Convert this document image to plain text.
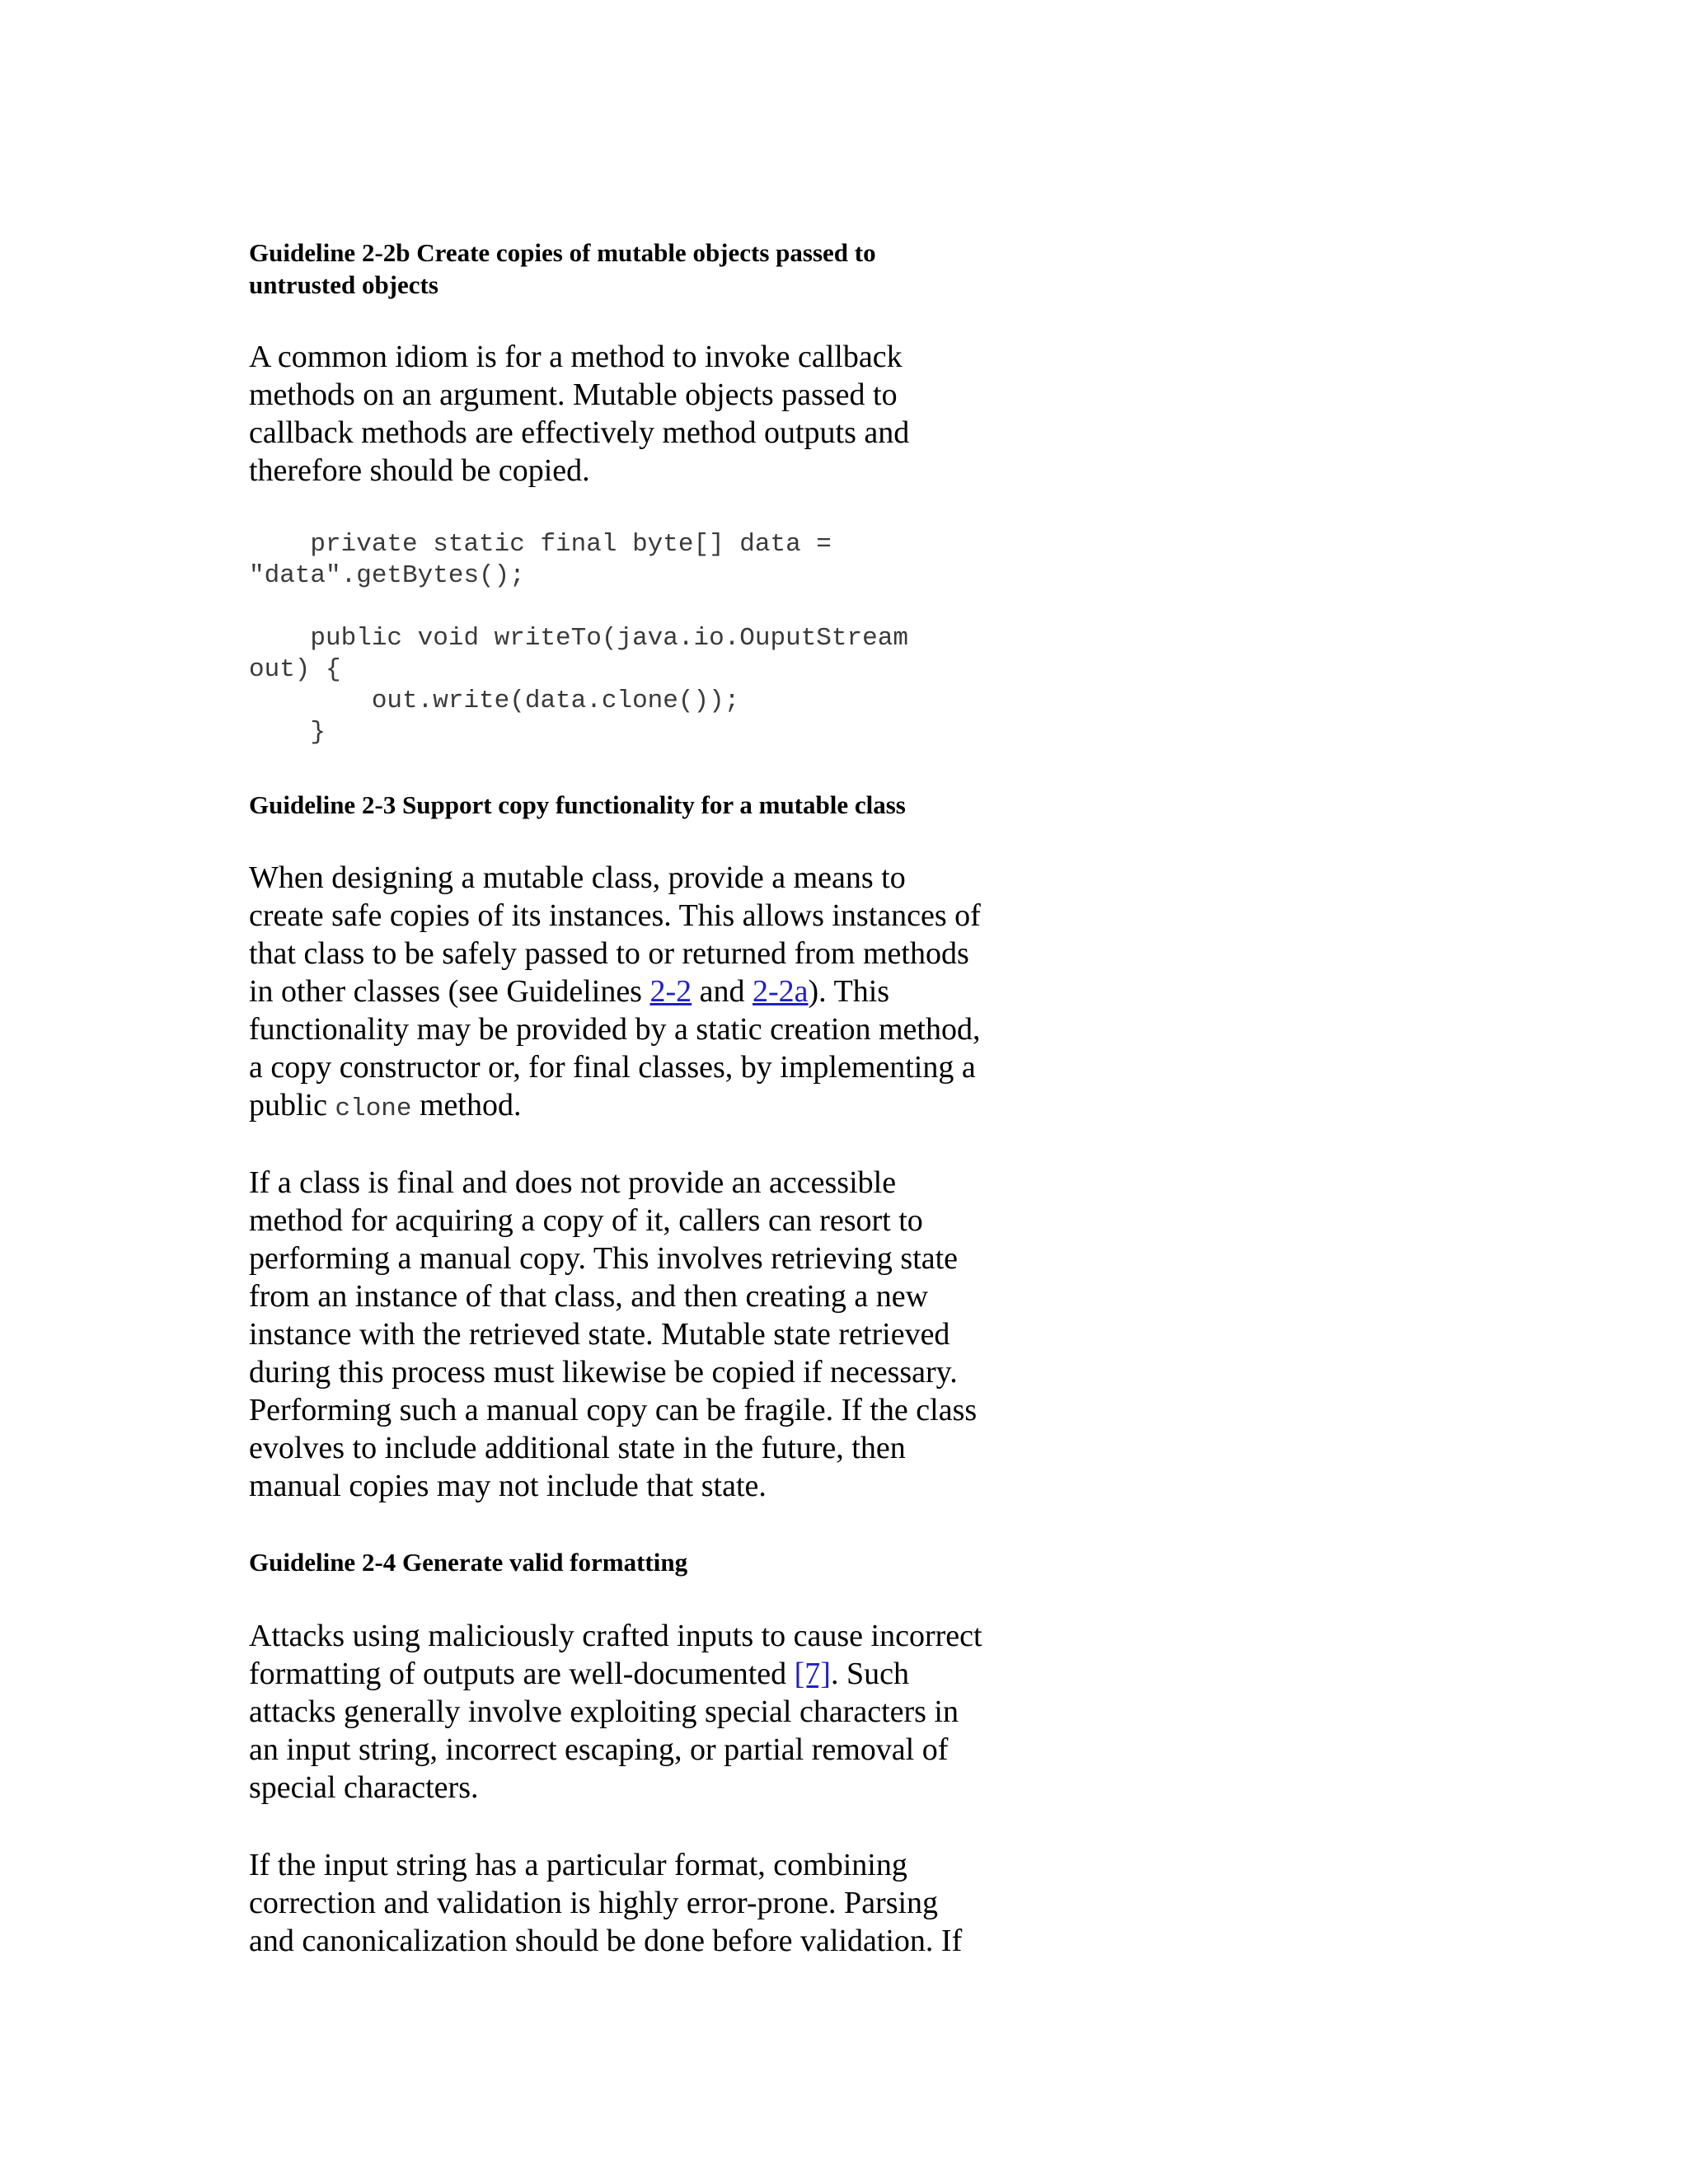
Guideline 2-2b Create copies of mutable objects passed to
untrusted objects

A common idiom is for a method to invoke callback
methods on an argument. Mutable objects passed to
callback methods are effectively method outputs and
therefore should be copied.

private static final byte[] data =
"data".getBytes();
public void writeTo(java.io.OuputStream
out) {
out.write(data.clone());
}
Guideline 2-3 Support copy functionality for a mutable class

When designing a mutable class, provide a means to
create safe copies of its instances. This allows instances of
that class to be safely passed to or returned from methods
in other classes (see Guidelines 2-2 and 2-2a). This
functionality may be provided by a static creation method,
a copy constructor or, for final classes, by implementing a
public clone method.

If a class is final and does not provide an accessible
method for acquiring a copy of it, callers can resort to
performing a manual copy. This involves retrieving state
from an instance of that class, and then creating a new
instance with the retrieved state. Mutable state retrieved
during this process must likewise be copied if necessary.
Performing such a manual copy can be fragile. If the class
evolves to include additional state in the future, then
manual copies may not include that state.

Guideline 2-4 Generate valid formatting

Attacks using maliciously crafted inputs to cause incorrect
formatting of outputs are well-documented [7]. Such
attacks generally involve exploiting special characters in
an input string, incorrect escaping, or partial removal of
special characters.

If the input string has a particular format, combining
correction and validation is highly error-prone. Parsing
and canonicalization should be done before validation. If
